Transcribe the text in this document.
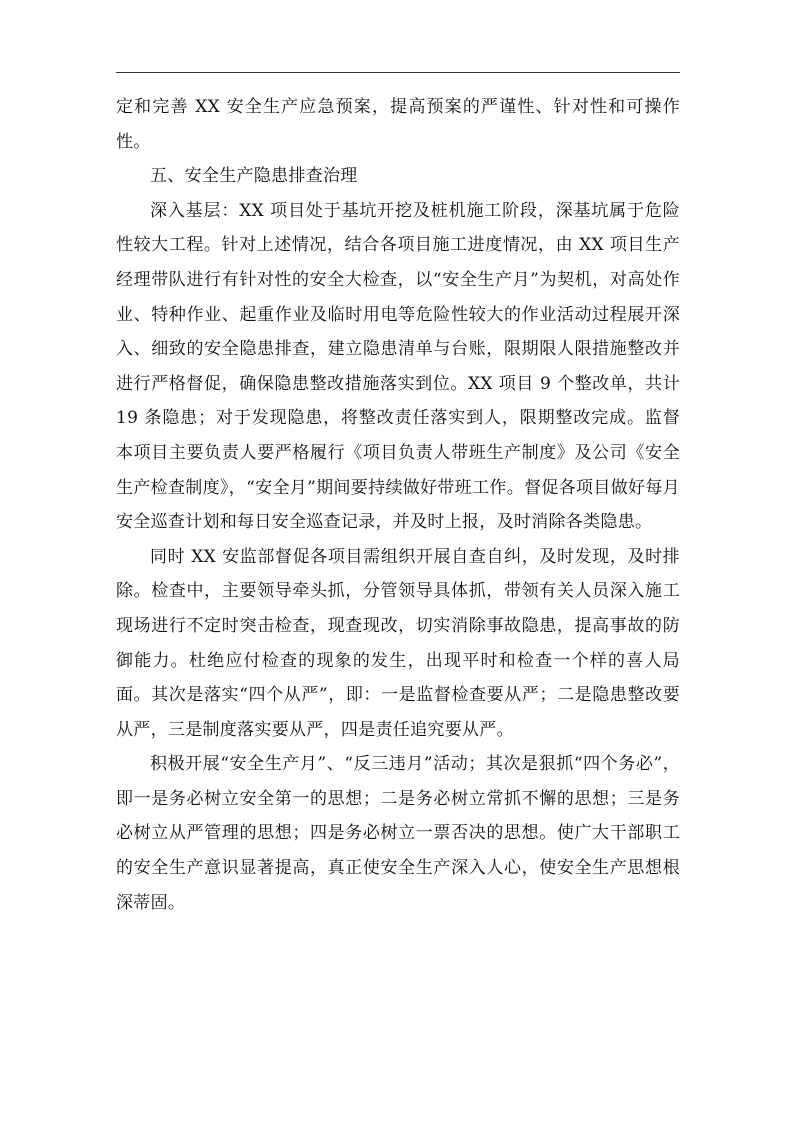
定和完善 XX 安全生产应急预案，提高预案的严谨性、针对性和可操作性。

五、安全生产隐患排查治理

深入基层：XX 项目处于基坑开挖及桩机施工阶段，深基坑属于危险性较大工程。针对上述情况，结合各项目施工进度情况，由 XX 项目生产经理带队进行有针对性的安全大检查，以“安全生产月”为契机，对高处作业、特种作业、起重作业及临时用电等危险性较大的作业活动过程展开深入、细致的安全隐患排查，建立隐患清单与台账，限期限人限措施整改并进行严格督促，确保隐患整改措施落实到位。XX 项目 9 个整改单，共计 19 条隐患；对于发现隐患，将整改责任落实到人，限期整改完成。监督本项目主要负责人要严格履行《项目负责人带班生产制度》及公司《安全生产检查制度》，“安全月”期间要持续做好带班工作。督促各项目做好每月安全巡查计划和每日安全巡查记录，并及时上报，及时消除各类隐患。

同时 XX 安监部督促各项目需组织开展自查自纠，及时发现，及时排除。检查中，主要领导牵头抓，分管领导具体抓，带领有关人员深入施工现场进行不定时突击检查，现查现改，切实消除事故隐患，提高事故的防御能力。杜绝应付检查的现象的发生，出现平时和检查一个样的喜人局面。其次是落实“四个从严”，即：一是监督检查要从严；二是隐患整改要从严，三是制度落实要从严，四是责任追究要从严。

积极开展“安全生产月”、“反三违月”活动；其次是狠抓“四个务必”，即一是务必树立安全第一的思想；二是务必树立常抓不懈的思想；三是务必树立从严管理的思想；四是务必树立一票否决的思想。使广大干部职工的安全生产意识显著提高，真正使安全生产深入人心，使安全生产思想根深蒂固。
